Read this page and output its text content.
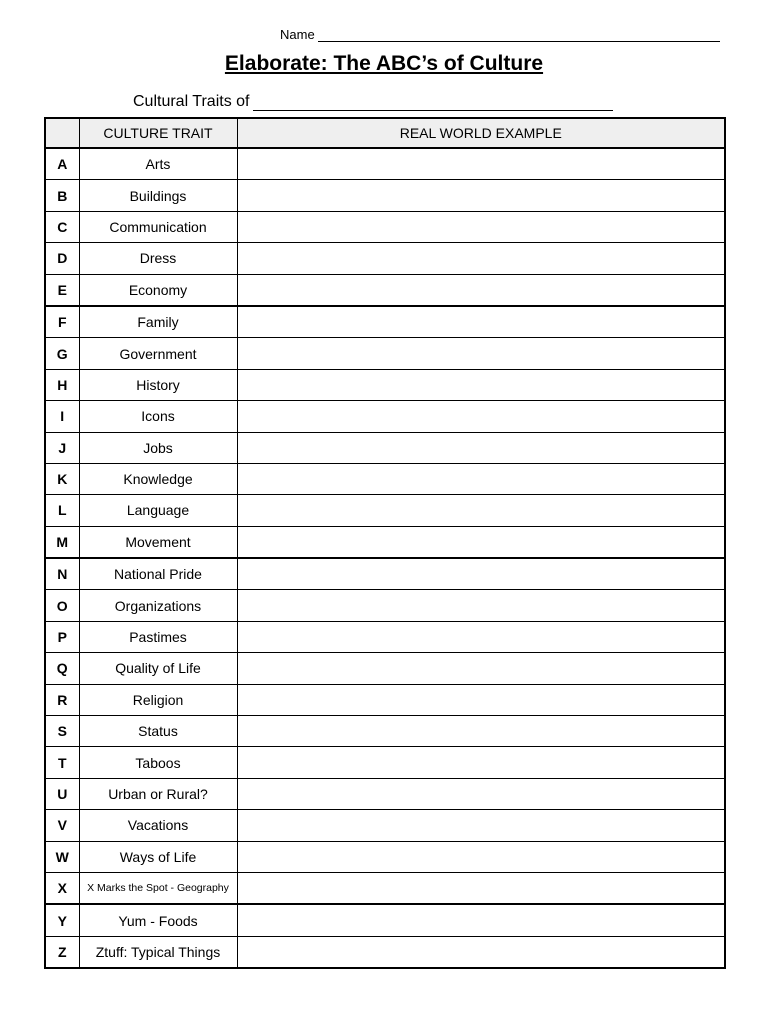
Name
Elaborate: The ABC’s of Culture
Cultural Traits of
	CULTURE TRAIT	REAL WORLD EXAMPLE
A	Arts	
B	Buildings	
C	Communication	
D	Dress	
E	Economy	
F	Family	
G	Government	
H	History	
I	Icons	
J	Jobs	
K	Knowledge	
L	Language	
M	Movement	
N	National Pride	
O	Organizations	
P	Pastimes	
Q	Quality of Life	
R	Religion	
S	Status	
T	Taboos	
U	Urban or Rural?	
V	Vacations	
W	Ways of Life	
X	X Marks the Spot - Geography	
Y	Yum - Foods	
Z	Ztuff: Typical Things	
